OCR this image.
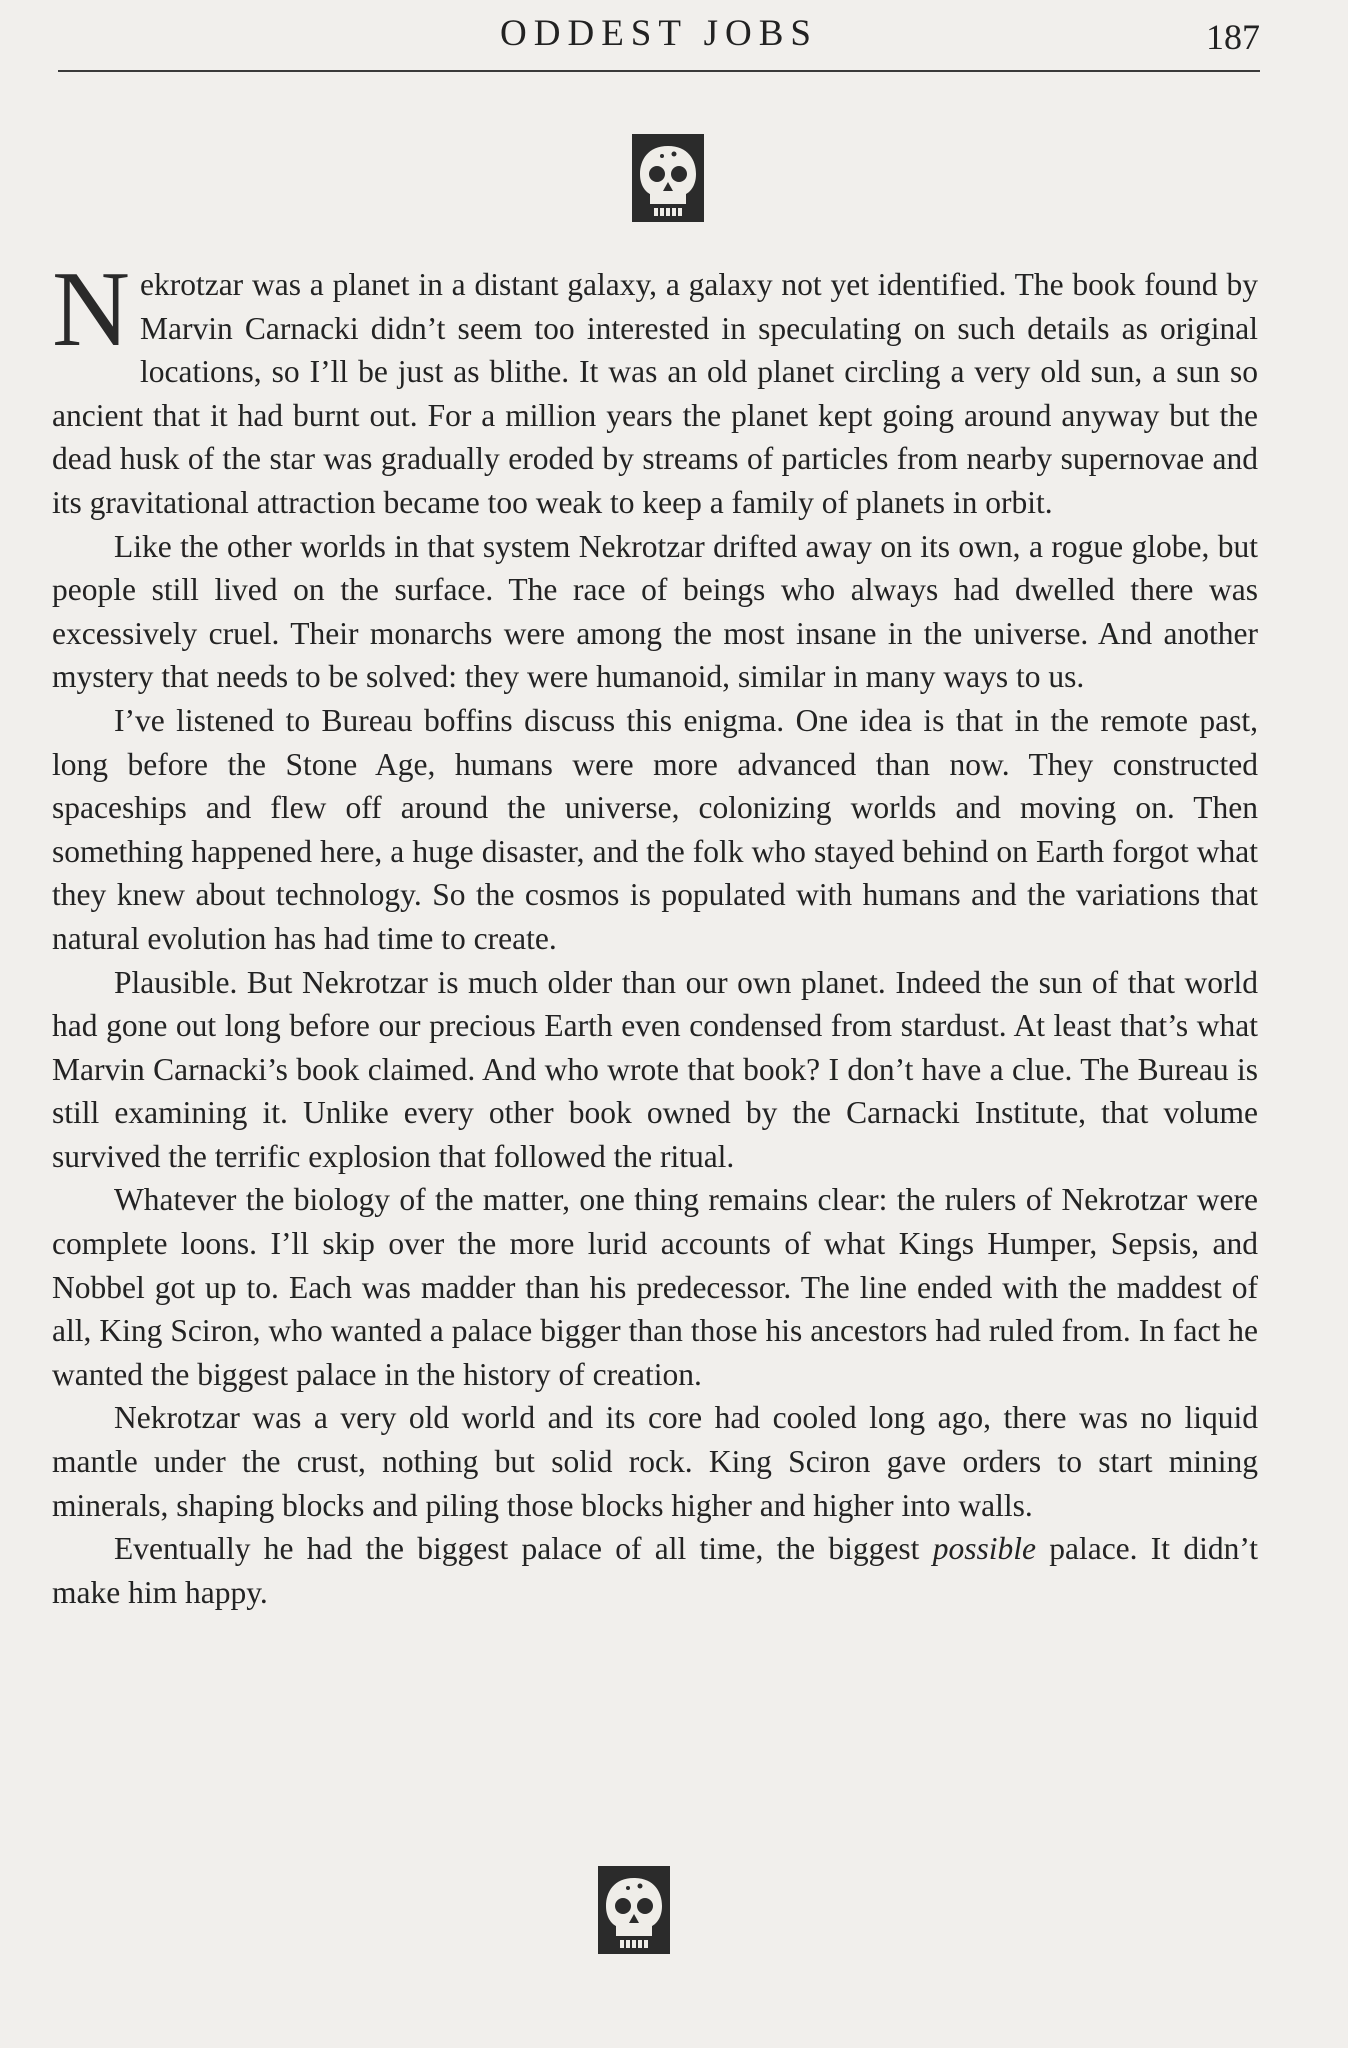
ODDEST JOBS	187

Nekrotzar was a planet in a distant galaxy, a galaxy not yet identified. The book found by Marvin Carnacki didn’t seem too interested in speculating on such details as original locations, so I’ll be just as blithe. It was an old planet circling a very old sun, a sun so ancient that it had burnt out. For a million years the planet kept going around anyway but the dead husk of the star was gradually eroded by streams of particles from nearby supernovae and its gravitational attraction became too weak to keep a family of planets in orbit.

Like the other worlds in that system Nekrotzar drifted away on its own, a rogue globe, but people still lived on the surface. The race of beings who always had dwelled there was excessively cruel. Their monarchs were among the most insane in the universe. And another mystery that needs to be solved: they were humanoid, similar in many ways to us.

I’ve listened to Bureau boffins discuss this enigma. One idea is that in the remote past, long before the Stone Age, humans were more advanced than now. They constructed spaceships and flew off around the universe, colonizing worlds and moving on. Then something happened here, a huge disaster, and the folk who stayed behind on Earth forgot what they knew about technology. So the cosmos is populated with humans and the variations that natural evolution has had time to create.

Plausible. But Nekrotzar is much older than our own planet. Indeed the sun of that world had gone out long before our precious Earth even condensed from stardust. At least that’s what Marvin Carnacki’s book claimed. And who wrote that book? I don’t have a clue. The Bureau is still examining it. Unlike every other book owned by the Carnacki Institute, that volume survived the terrific explosion that followed the ritual.

Whatever the biology of the matter, one thing remains clear: the rulers of Nekrotzar were complete loons. I’ll skip over the more lurid accounts of what Kings Humper, Sepsis, and Nobbel got up to. Each was madder than his predecessor. The line ended with the maddest of all, King Sciron, who wanted a palace bigger than those his ancestors had ruled from. In fact he wanted the biggest palace in the history of creation.

Nekrotzar was a very old world and its core had cooled long ago, there was no liquid mantle under the crust, nothing but solid rock. King Sciron gave orders to start mining minerals, shaping blocks and piling those blocks higher and higher into walls.

Eventually he had the biggest palace of all time, the biggest possible palace. It didn’t make him happy.
